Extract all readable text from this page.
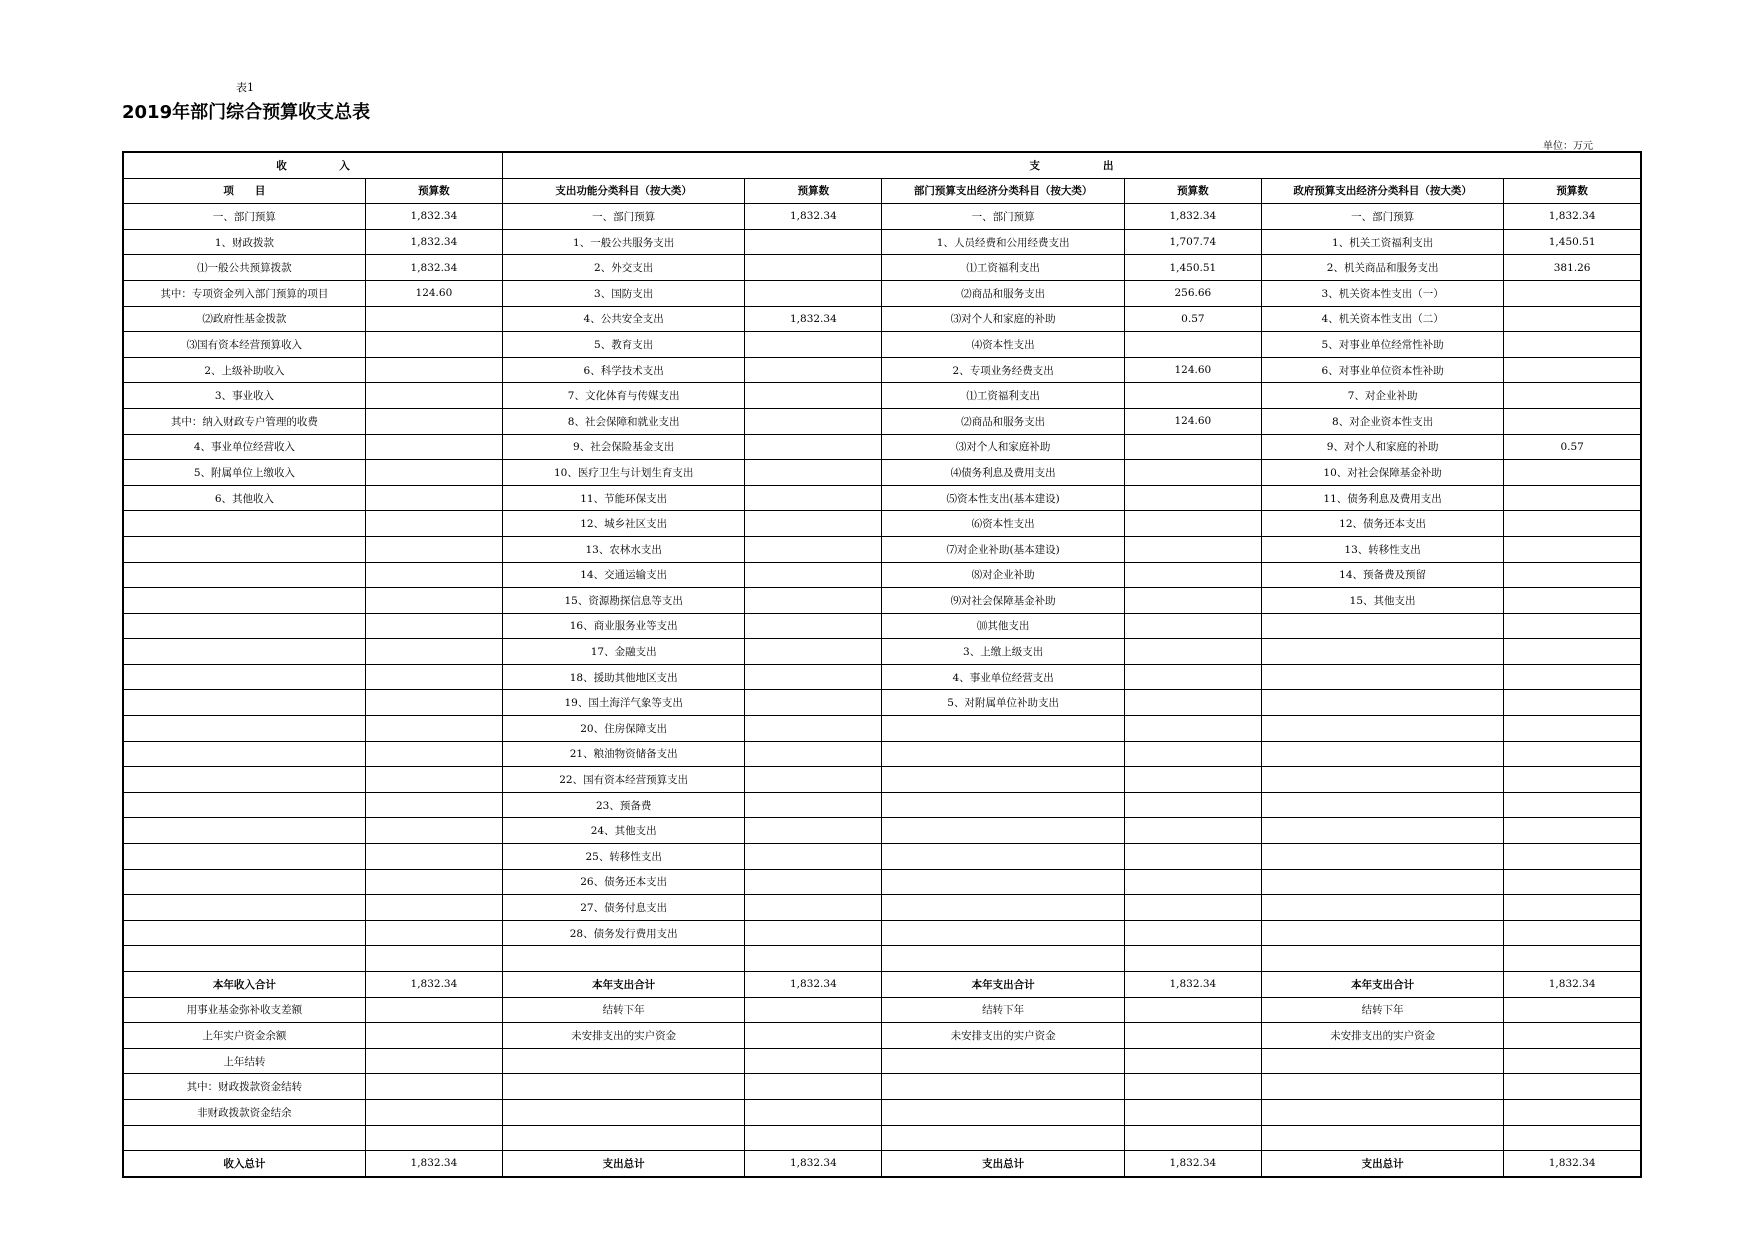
表1
2019年部门综合预算收支总表
单位：万元
收　　　　　入		支　　　　　　出					
项　　目	预算数	支出功能分类科目（按大类）	预算数	部门预算支出经济分类科目（按大类）	预算数	政府预算支出经济分类科目（按大类）	预算数
一、部门预算	1,832.34	一、部门预算	1,832.34	一、部门预算	1,832.34	一、部门预算	1,832.34
1、财政拨款	1,832.34	1、一般公共服务支出		1、人员经费和公用经费支出	1,707.74	1、机关工资福利支出	1,450.51
⑴一般公共预算拨款	1,832.34	2、外交支出		⑴工资福利支出	1,450.51	2、机关商品和服务支出	381.26
其中：专项资金列入部门预算的项目	124.60	3、国防支出		⑵商品和服务支出	256.66	3、机关资本性支出（一）	
⑵政府性基金拨款		4、公共安全支出	1,832.34	⑶对个人和家庭的补助	0.57	4、机关资本性支出（二）	
⑶国有资本经营预算收入		5、教育支出		⑷资本性支出		5、对事业单位经常性补助	
2、上级补助收入		6、科学技术支出		2、专项业务经费支出	124.60	6、对事业单位资本性补助	
3、事业收入		7、文化体育与传媒支出		⑴工资福利支出		7、对企业补助	
其中：纳入财政专户管理的收费		8、社会保障和就业支出		⑵商品和服务支出	124.60	8、对企业资本性支出	
4、事业单位经营收入		9、社会保险基金支出		⑶对个人和家庭补助		9、对个人和家庭的补助	0.57
5、附属单位上缴收入		10、医疗卫生与计划生育支出		⑷债务利息及费用支出		10、对社会保障基金补助	
6、其他收入		11、节能环保支出		⑸资本性支出(基本建设)		11、债务利息及费用支出	
		12、城乡社区支出		⑹资本性支出		12、债务还本支出	
		13、农林水支出		⑺对企业补助(基本建设)		13、转移性支出	
		14、交通运输支出		⑻对企业补助		14、预备费及预留	
		15、资源勘探信息等支出		⑼对社会保障基金补助		15、其他支出	
		16、商业服务业等支出		⑽其他支出			
		17、金融支出		3、上缴上级支出			
		18、援助其他地区支出		4、事业单位经营支出			
		19、国土海洋气象等支出		5、对附属单位补助支出			
		20、住房保障支出					
		21、粮油物资储备支出					
		22、国有资本经营预算支出					
		23、预备费					
		24、其他支出					
		25、转移性支出					
		26、债务还本支出					
		27、债务付息支出					
		28、债务发行费用支出					

本年收入合计	1,832.34	本年支出合计	1,832.34	本年支出合计	1,832.34	本年支出合计	1,832.34
用事业基金弥补收支差额		结转下年		结转下年		结转下年	
上年实户资金余额		未安排支出的实户资金		未安排支出的实户资金		未安排支出的实户资金	
上年结转							
其中：财政拨款资金结转							
非财政拨款资金结余							

收入总计	1,832.34	支出总计	1,832.34	支出总计	1,832.34	支出总计	1,832.34
